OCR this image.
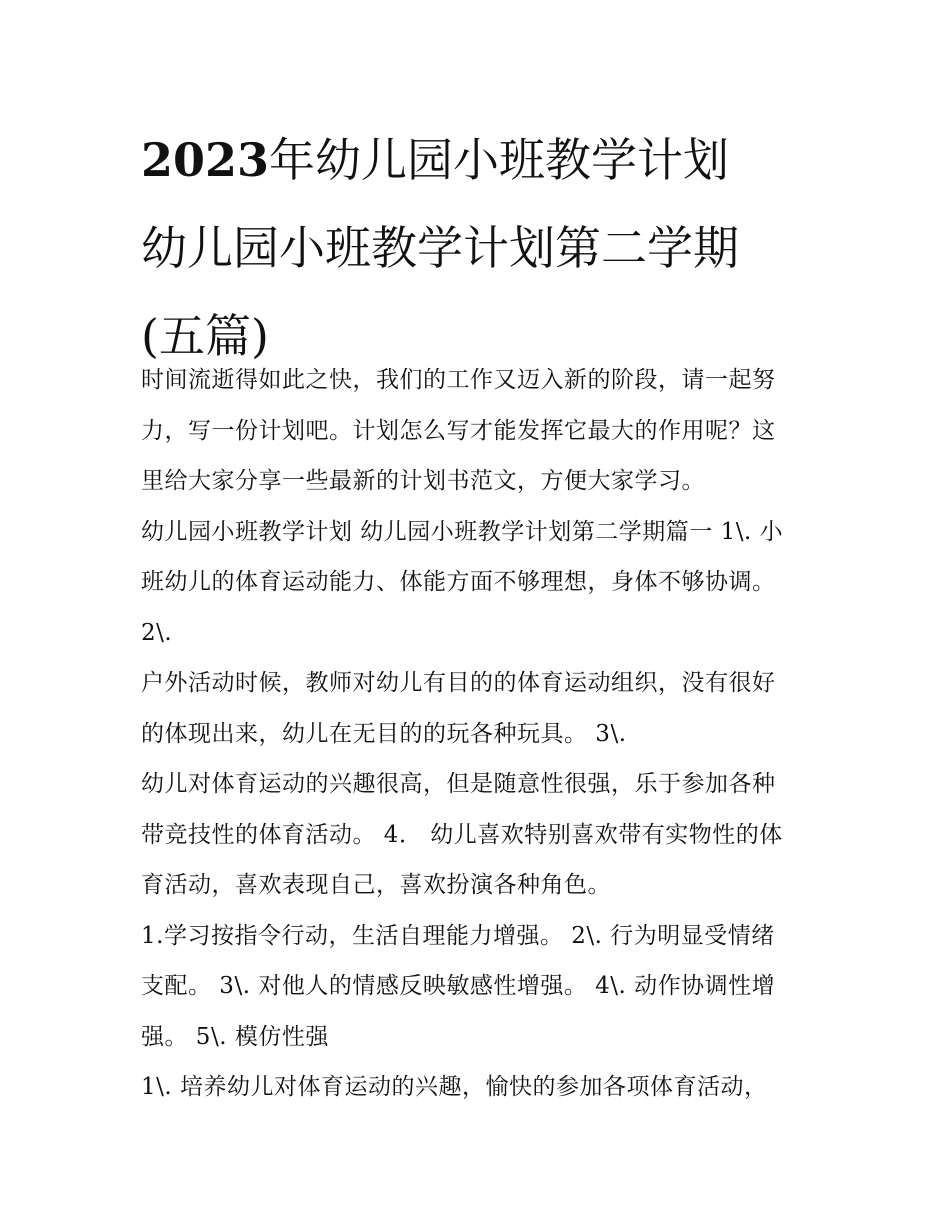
2023年幼儿园小班教学计划
幼儿园小班教学计划第二学期
(五篇)
时间流逝得如此之快，我们的工作又迈入新的阶段，请一起努
力，写一份计划吧。计划怎么写才能发挥它最大的作用呢？这
里给大家分享一些最新的计划书范文，方便大家学习。
幼儿园小班教学计划 幼儿园小班教学计划第二学期篇一 1\. 小
班幼儿的体育运动能力、体能方面不够理想，身体不够协调。
2\.
户外活动时候，教师对幼儿有目的的体育运动组织，没有很好
的体现出来，幼儿在无目的的玩各种玩具。 3\.
幼儿对体育运动的兴趣很高，但是随意性很强，乐于参加各种
带竞技性的体育活动。 4． 幼儿喜欢特别喜欢带有实物性的体
育活动，喜欢表现自己，喜欢扮演各种角色。
1.学习按指令行动，生活自理能力增强。 2\. 行为明显受情绪
支配。 3\. 对他人的情感反映敏感性增强。 4\. 动作协调性增
强。 5\. 模仿性强
1\. 培养幼儿对体育运动的兴趣，愉快的参加各项体育活动，
